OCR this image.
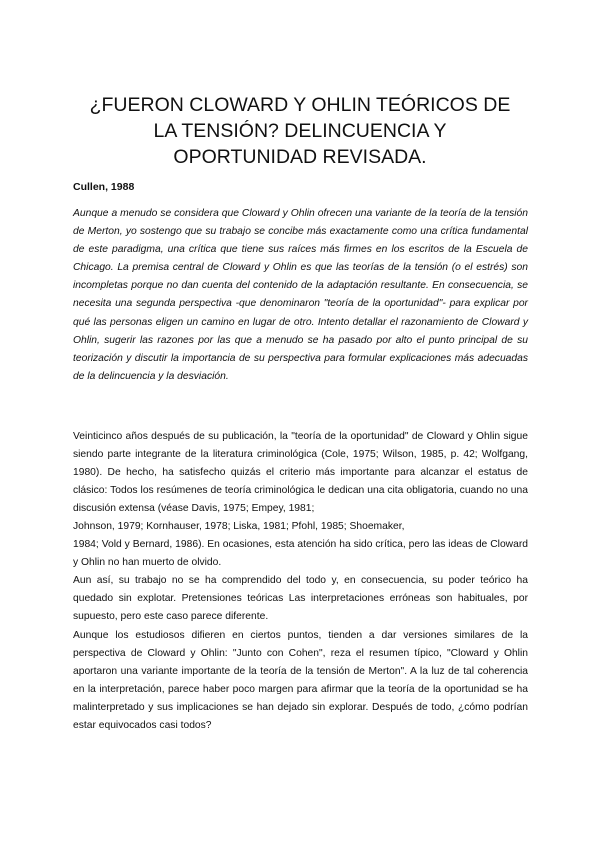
¿FUERON CLOWARD Y OHLIN TEÓRICOS DE
LA TENSIÓN? DELINCUENCIA Y
OPORTUNIDAD REVISADA.

Cullen, 1988

Aunque a menudo se considera que Cloward y Ohlin ofrecen una variante de la teoría de la tensión de Merton, yo sostengo que su trabajo se concibe más exactamente como una crítica fundamental de este paradigma, una crítica que tiene sus raíces más firmes en los escritos de la Escuela de Chicago. La premisa central de Cloward y Ohlin es que las teorías de la tensión (o el estrés) son incompletas porque no dan cuenta del contenido de la adaptación resultante. En consecuencia, se necesita una segunda perspectiva -que denominaron "teoría de la oportunidad"- para explicar por qué las personas eligen un camino en lugar de otro. Intento detallar el razonamiento de Cloward y Ohlin, sugerir las razones por las que a menudo se ha pasado por alto el punto principal de su teorización y discutir la importancia de su perspectiva para formular explicaciones más adecuadas de la delincuencia y la desviación.

Veinticinco años después de su publicación, la "teoría de la oportunidad" de Cloward y Ohlin sigue siendo parte integrante de la literatura criminológica (Cole, 1975; Wilson, 1985, p. 42; Wolfgang, 1980). De hecho, ha satisfecho quizás el criterio más importante para alcanzar el estatus de clásico: Todos los resúmenes de teoría criminológica le dedican una cita obligatoria, cuando no una discusión extensa (véase Davis, 1975; Empey, 1981;

Johnson, 1979; Kornhauser, 1978; Liska, 1981; Pfohl, 1985; Shoemaker,

1984; Vold y Bernard, 1986). En ocasiones, esta atención ha sido crítica, pero las ideas de Cloward y Ohlin no han muerto de olvido.

Aun así, su trabajo no se ha comprendido del todo y, en consecuencia, su poder teórico ha quedado sin explotar. Pretensiones teóricas Las interpretaciones erróneas son habituales, por supuesto, pero este caso parece diferente.

Aunque los estudiosos difieren en ciertos puntos, tienden a dar versiones similares de la perspectiva de Cloward y Ohlin: "Junto con Cohen", reza el resumen típico, "Cloward y Ohlin aportaron una variante importante de la teoría de la tensión de Merton". A la luz de tal coherencia en la interpretación, parece haber poco margen para afirmar que la teoría de la oportunidad se ha malinterpretado y sus implicaciones se han dejado sin explorar. Después de todo, ¿cómo podrían estar equivocados casi todos?
